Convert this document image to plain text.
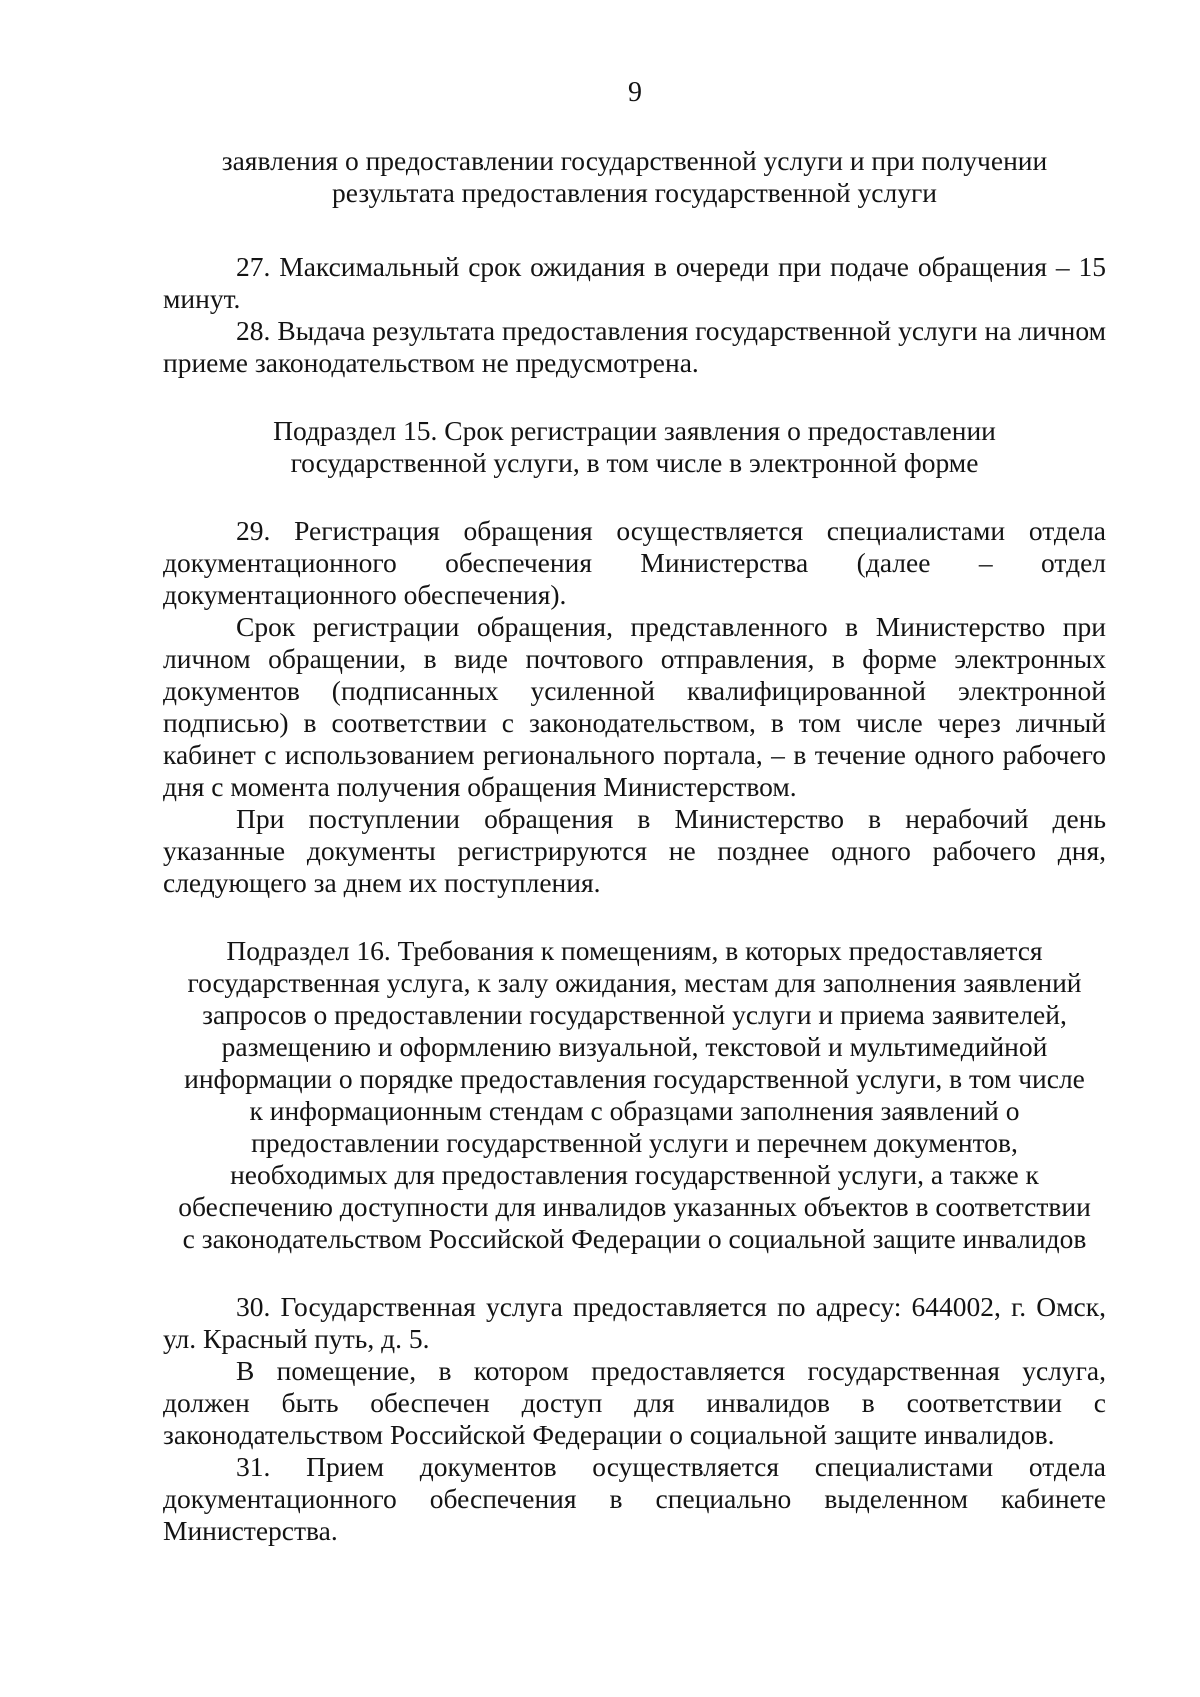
9
заявления о предоставлении государственной услуги и при получении
результата предоставления государственной услуги

27. Максимальный срок ожидания в очереди при подаче обращения – 15 минут.

28. Выдача результата предоставления государственной услуги на личном приеме законодательством не предусмотрена.

Подраздел 15. Срок регистрации заявления о предоставлении
государственной услуги, в том числе в электронной форме

29. Регистрация обращения осуществляется специалистами отдела документационного обеспечения Министерства (далее – отдел документационного обеспечения).

Срок регистрации обращения, представленного в Министерство при личном обращении, в виде почтового отправления, в форме электронных документов (подписанных усиленной квалифицированной электронной подписью) в соответствии с законодательством, в том числе через личный кабинет с использованием регионального портала, – в течение одного рабочего дня с момента получения обращения Министерством.

При поступлении обращения в Министерство в нерабочий день указанные документы регистрируются не позднее одного рабочего дня, следующего за днем их поступления.

Подраздел 16. Требования к помещениям, в которых предоставляется
государственная услуга, к залу ожидания, местам для заполнения заявлений
запросов о предоставлении государственной услуги и приема заявителей,
размещению и оформлению визуальной, текстовой и мультимедийной
информации о порядке предоставления государственной услуги, в том числе
к информационным стендам с образцами заполнения заявлений о
предоставлении государственной услуги и перечнем документов,
необходимых для предоставления государственной услуги, а также к
обеспечению доступности для инвалидов указанных объектов в соответствии
с законодательством Российской Федерации о социальной защите инвалидов

30. Государственная услуга предоставляется по адресу: 644002, г. Омск, ул. Красный путь, д. 5.

В помещение, в котором предоставляется государственная услуга, должен быть обеспечен доступ для инвалидов в соответствии с законодательством Российской Федерации о социальной защите инвалидов.

31. Прием документов осуществляется специалистами отдела документационного обеспечения в специально выделенном кабинете Министерства.
